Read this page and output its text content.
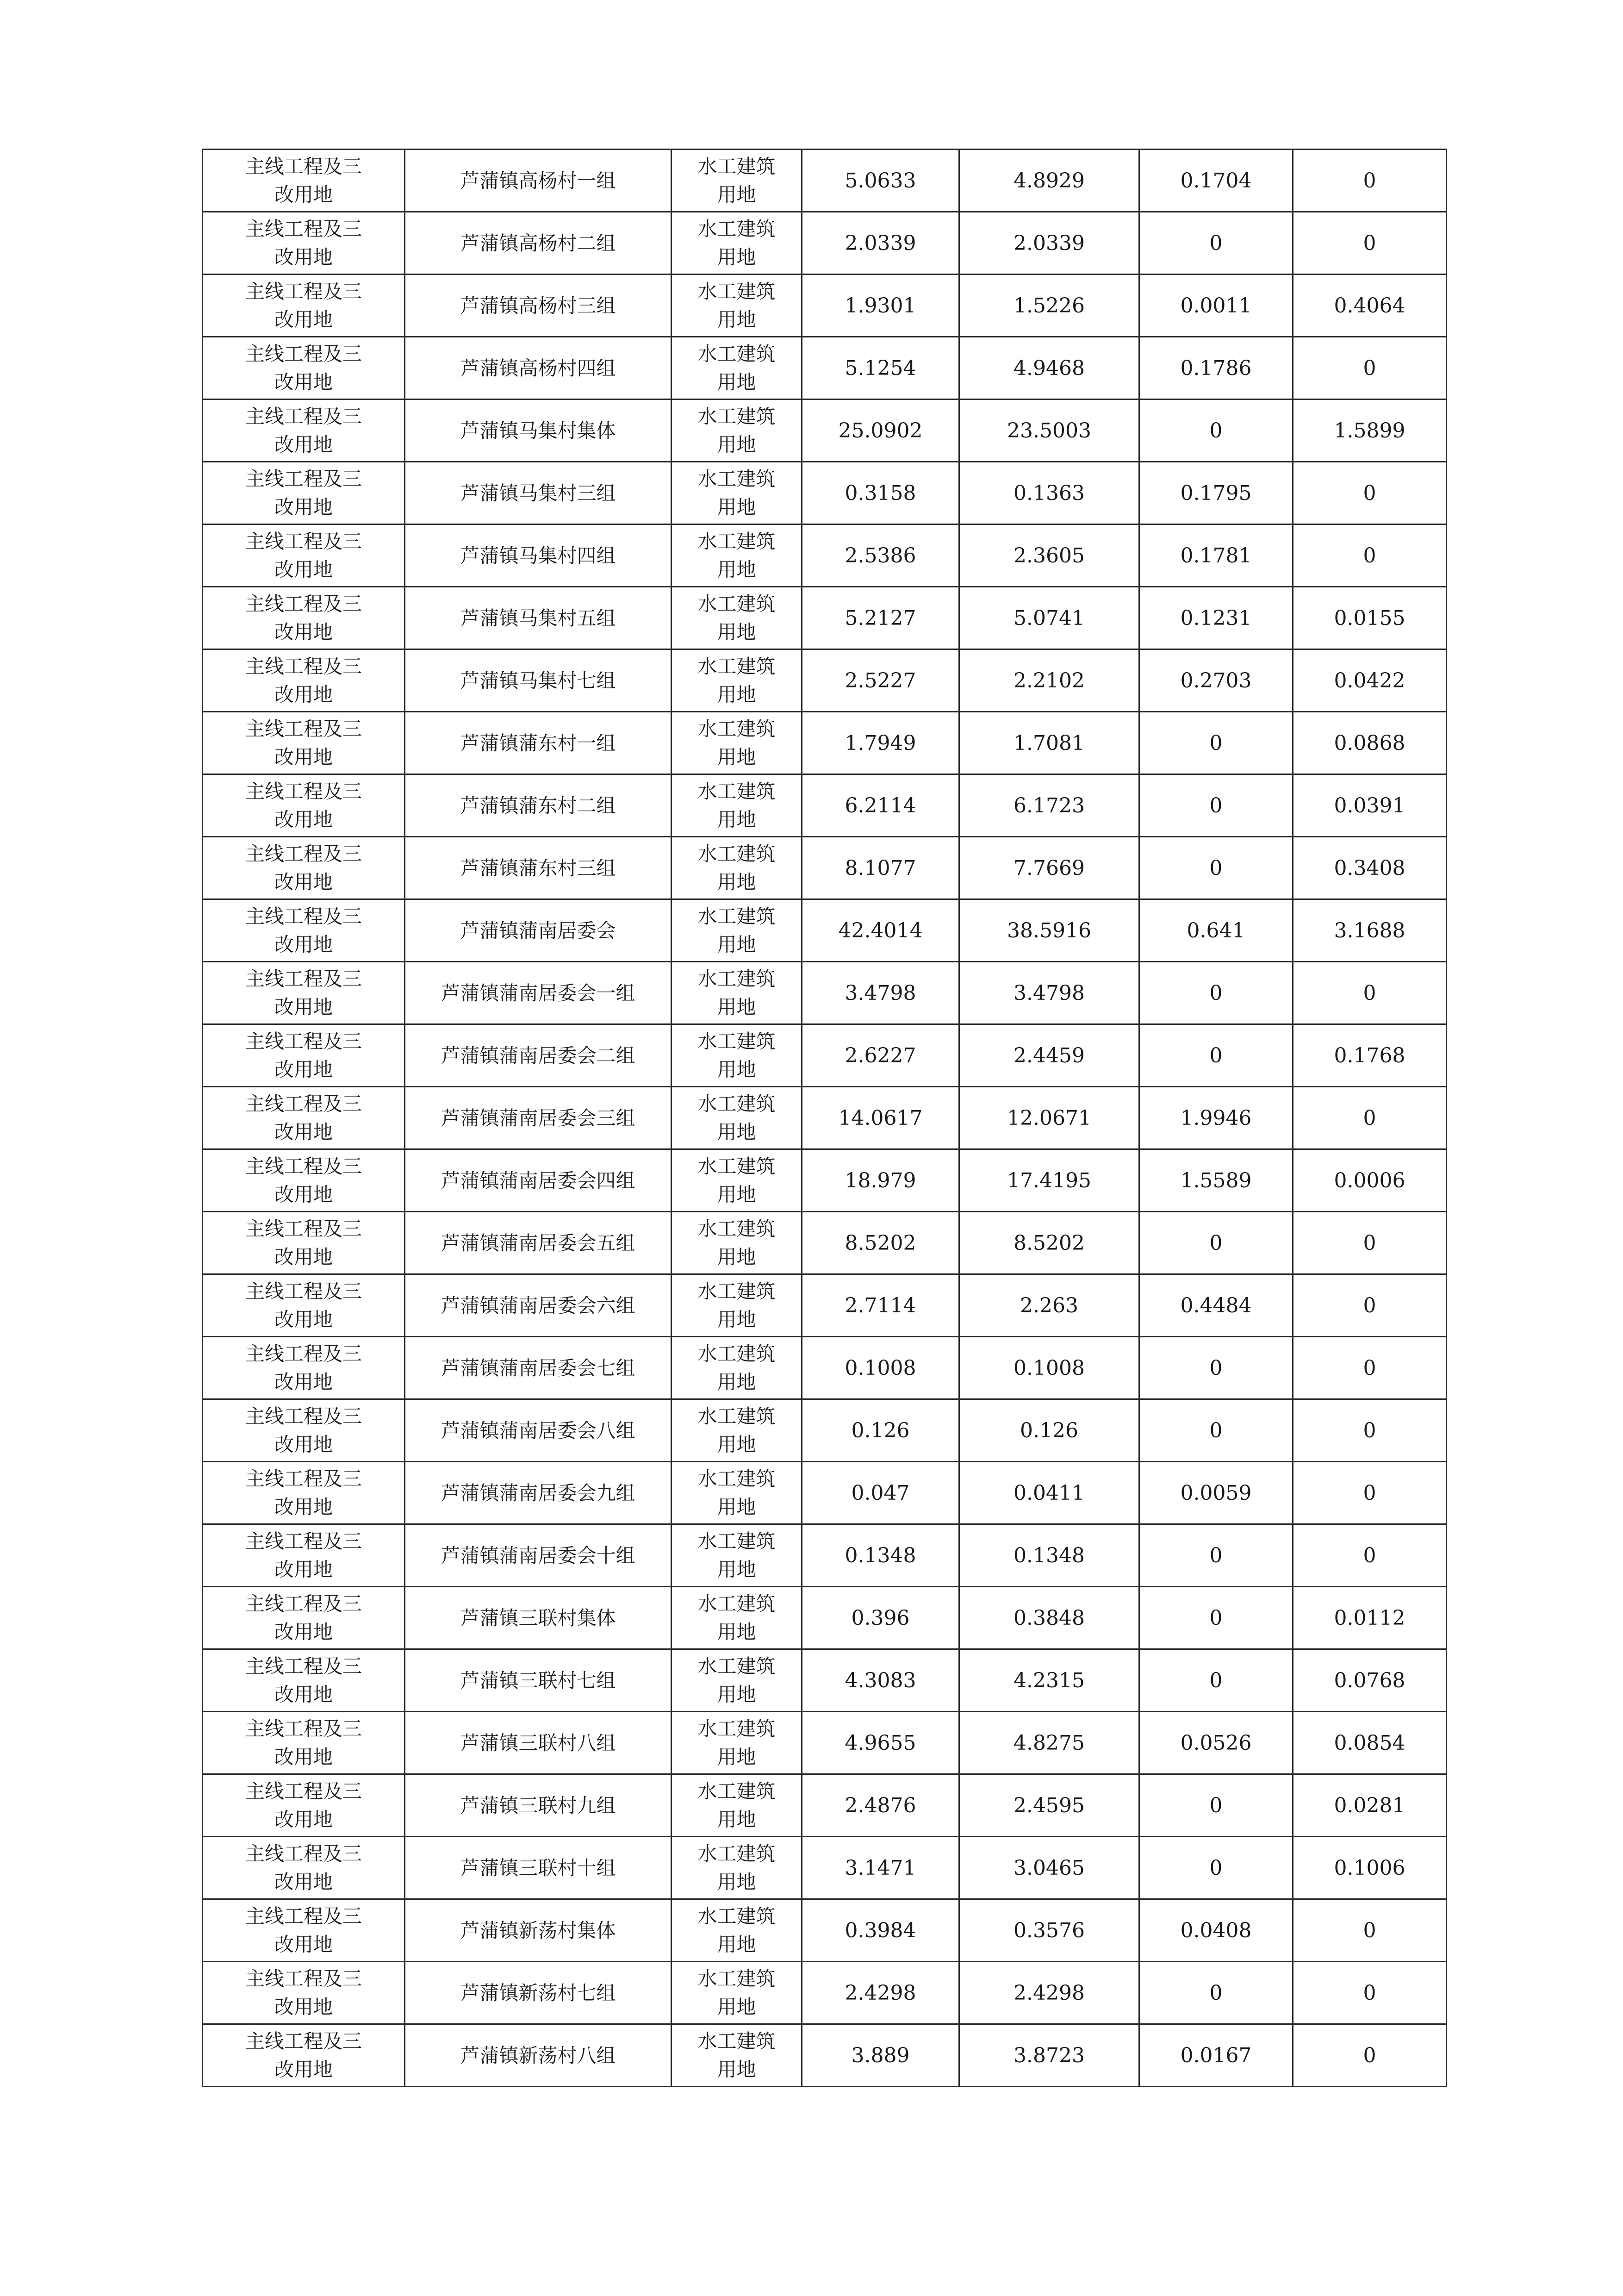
主线工程及三改用地	芦蒲镇高杨村一组	水工建筑用地	5.0633	4.8929	0.1704	0
主线工程及三改用地	芦蒲镇高杨村二组	水工建筑用地	2.0339	2.0339	0	0
主线工程及三改用地	芦蒲镇高杨村三组	水工建筑用地	1.9301	1.5226	0.0011	0.4064
主线工程及三改用地	芦蒲镇高杨村四组	水工建筑用地	5.1254	4.9468	0.1786	0
主线工程及三改用地	芦蒲镇马集村集体	水工建筑用地	25.0902	23.5003	0	1.5899
主线工程及三改用地	芦蒲镇马集村三组	水工建筑用地	0.3158	0.1363	0.1795	0
主线工程及三改用地	芦蒲镇马集村四组	水工建筑用地	2.5386	2.3605	0.1781	0
主线工程及三改用地	芦蒲镇马集村五组	水工建筑用地	5.2127	5.0741	0.1231	0.0155
主线工程及三改用地	芦蒲镇马集村七组	水工建筑用地	2.5227	2.2102	0.2703	0.0422
主线工程及三改用地	芦蒲镇蒲东村一组	水工建筑用地	1.7949	1.7081	0	0.0868
主线工程及三改用地	芦蒲镇蒲东村二组	水工建筑用地	6.2114	6.1723	0	0.0391
主线工程及三改用地	芦蒲镇蒲东村三组	水工建筑用地	8.1077	7.7669	0	0.3408
主线工程及三改用地	芦蒲镇蒲南居委会	水工建筑用地	42.4014	38.5916	0.641	3.1688
主线工程及三改用地	芦蒲镇蒲南居委会一组	水工建筑用地	3.4798	3.4798	0	0
主线工程及三改用地	芦蒲镇蒲南居委会二组	水工建筑用地	2.6227	2.4459	0	0.1768
主线工程及三改用地	芦蒲镇蒲南居委会三组	水工建筑用地	14.0617	12.0671	1.9946	0
主线工程及三改用地	芦蒲镇蒲南居委会四组	水工建筑用地	18.979	17.4195	1.5589	0.0006
主线工程及三改用地	芦蒲镇蒲南居委会五组	水工建筑用地	8.5202	8.5202	0	0
主线工程及三改用地	芦蒲镇蒲南居委会六组	水工建筑用地	2.7114	2.263	0.4484	0
主线工程及三改用地	芦蒲镇蒲南居委会七组	水工建筑用地	0.1008	0.1008	0	0
主线工程及三改用地	芦蒲镇蒲南居委会八组	水工建筑用地	0.126	0.126	0	0
主线工程及三改用地	芦蒲镇蒲南居委会九组	水工建筑用地	0.047	0.0411	0.0059	0
主线工程及三改用地	芦蒲镇蒲南居委会十组	水工建筑用地	0.1348	0.1348	0	0
主线工程及三改用地	芦蒲镇三联村集体	水工建筑用地	0.396	0.3848	0	0.0112
主线工程及三改用地	芦蒲镇三联村七组	水工建筑用地	4.3083	4.2315	0	0.0768
主线工程及三改用地	芦蒲镇三联村八组	水工建筑用地	4.9655	4.8275	0.0526	0.0854
主线工程及三改用地	芦蒲镇三联村九组	水工建筑用地	2.4876	2.4595	0	0.0281
主线工程及三改用地	芦蒲镇三联村十组	水工建筑用地	3.1471	3.0465	0	0.1006
主线工程及三改用地	芦蒲镇新荡村集体	水工建筑用地	0.3984	0.3576	0.0408	0
主线工程及三改用地	芦蒲镇新荡村七组	水工建筑用地	2.4298	2.4298	0	0
主线工程及三改用地	芦蒲镇新荡村八组	水工建筑用地	3.889	3.8723	0.0167	0
